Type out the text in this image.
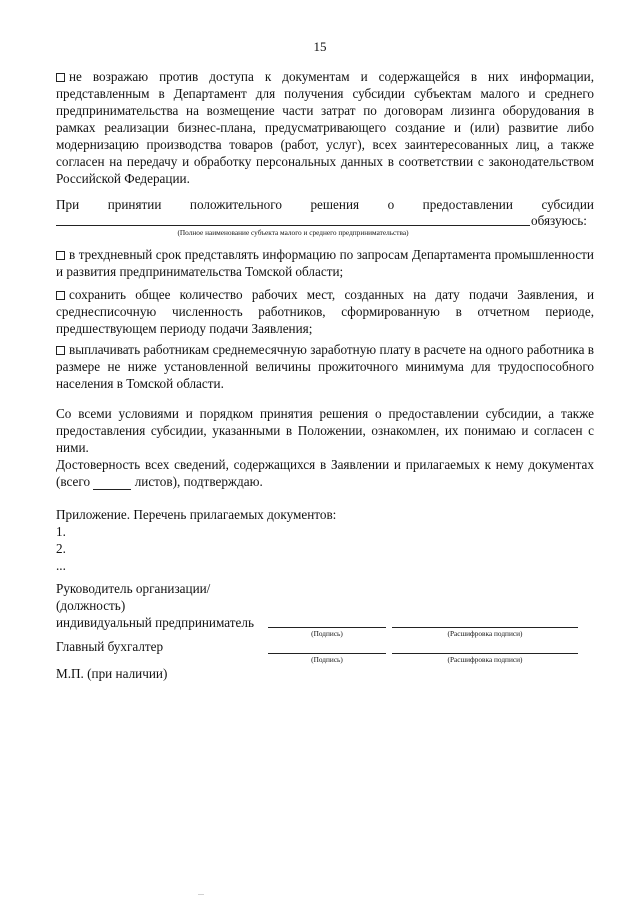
15
не возражаю против доступа к документам и содержащейся в них информации, представленным в Департамент для получения субсидии субъектам малого и среднего предпринимательства на возмещение части затрат по договорам лизинга оборудования в рамках реализации бизнес-плана, предусматривающего создание и (или) развитие либо модернизацию производства товаров (работ, услуг), всех заинтересованных лиц, а также согласен на передачу и обработку персональных данных в соответствии с законодательством Российской Федерации.
При принятии положительного решения о предоставлении субсидии
обязуюсь:
(Полное наименование субъекта малого и среднего предпринимательства)
в трехдневный срок представлять информацию по запросам Департамента промышленности и развития предпринимательства Томской области;
сохранить общее количество рабочих мест, созданных на дату подачи Заявления, и среднесписочную численность работников, сформированную в отчетном периоде, предшествующем периоду подачи Заявления;
выплачивать работникам среднемесячную заработную плату в расчете на одного работника в размере не ниже установленной величины прожиточного минимума для трудоспособного населения в Томской области.
Со всеми условиями и порядком принятия решения о предоставлении субсидии, а также предоставления субсидии, указанными в Положении, ознакомлен, их понимаю и согласен с ними.
Достоверность всех сведений, содержащихся в Заявлении и прилагаемых к нему документах (всего	листов), подтверждаю.
Приложение. Перечень прилагаемых документов:
1.
2.
...
Руководитель организации/
(должность)
индивидуальный предприниматель
(Подпись)	(Расшифровка подписи)
Главный бухгалтер
(Подпись)	(Расшифровка подписи)
М.П. (при наличии)
...
